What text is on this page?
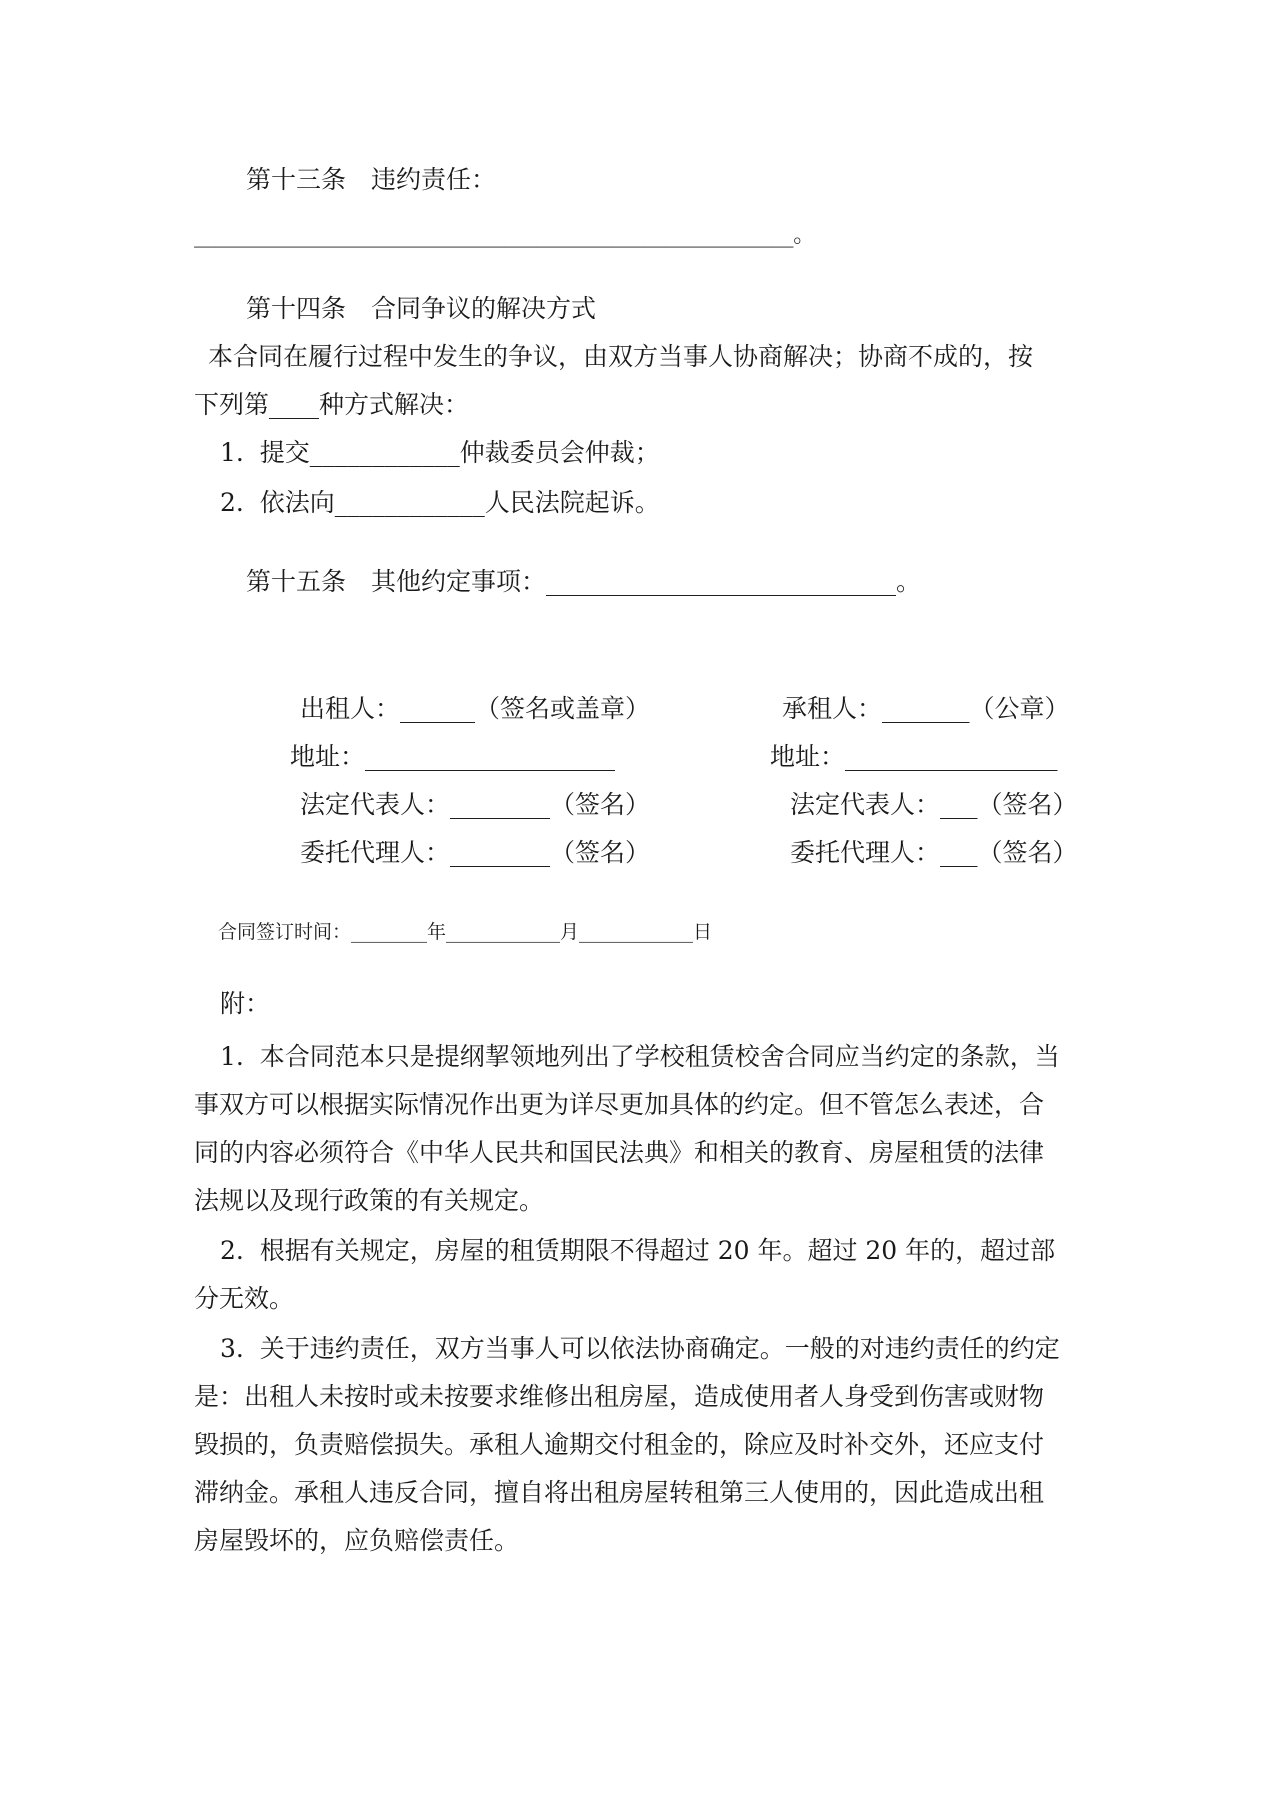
第十三条　违约责任：
________________________________________________________。
第十四条　合同争议的解决方式
本合同在履行过程中发生的争议，由双方当事人协商解决；协商不成的，按
下列第____种方式解决：
1.  提交____________仲裁委员会仲裁；
2.  依法向____________人民法院起诉。
第十五条　其他约定事项：____________________________。
出租人：______（签名或盖章）
地址：____________________
法定代表人：________（签名）
委托代理人：________（签名）
承租人：_______（公章）
地址：_________________
法定代表人：___（签名）
委托代理人：___（签名）
合同签订时间：________年____________月____________日
附：
1.  本合同范本只是提纲挈领地列出了学校租赁校舍合同应当约定的条款，当
事双方可以根据实际情况作出更为详尽更加具体的约定。但不管怎么表述，合
同的内容必须符合《中华人民共和国民法典》和相关的教育、房屋租赁的法律
法规以及现行政策的有关规定。
2.  根据有关规定，房屋的租赁期限不得超过 20 年。超过 20 年的，超过部
分无效。
3.  关于违约责任，双方当事人可以依法协商确定。一般的对违约责任的约定
是：出租人未按时或未按要求维修出租房屋，造成使用者人身受到伤害或财物
毁损的，负责赔偿损失。承租人逾期交付租金的，除应及时补交外，还应支付
滞纳金。承租人违反合同，擅自将出租房屋转租第三人使用的，因此造成出租
房屋毁坏的，应负赔偿责任。
